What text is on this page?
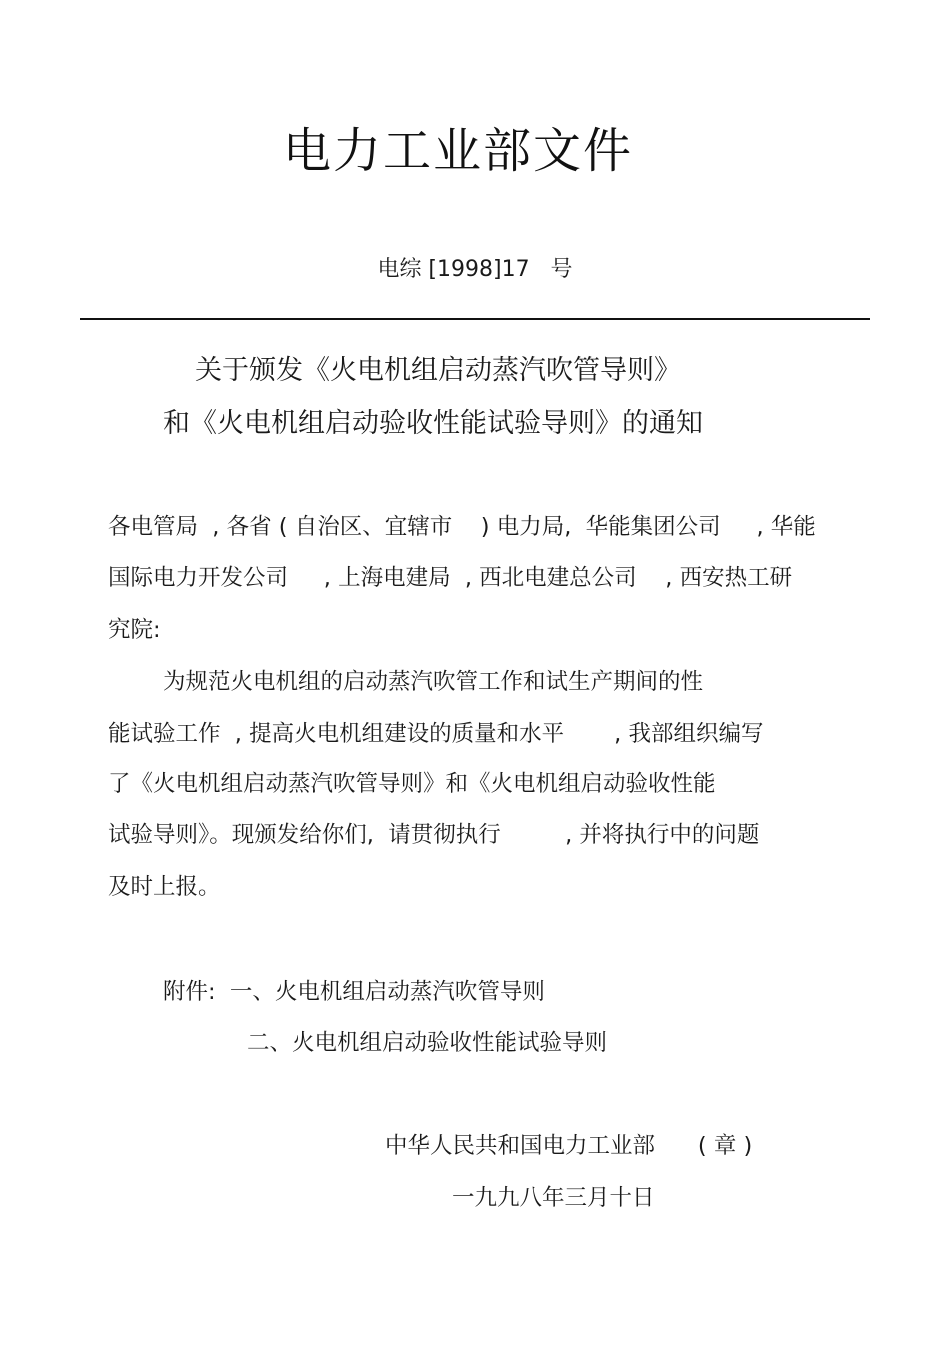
电力工业部文件
电综 [1998]17   号
关于颁发《火电机组启动蒸汽吹管导则》
和《火电机组启动验收性能试验导则》的通知
各电管局  , 各省 ( 自治区、宜辖市    ) 电力局,  华能集团公司     , 华能
国际电力开发公司     , 上海电建局  , 西北电建总公司    , 西安热工研
究院:
为规范火电机组的启动蒸汽吹管工作和试生产期间的性
能试验工作  , 提高火电机组建设的质量和水平       , 我部组织编写
了《火电机组启动蒸汽吹管导则》和《火电机组启动验收性能
试验导则》。现颁发给你们,  请贯彻执行         , 并将执行中的问题
及时上报。
附件:  一、火电机组启动蒸汽吹管导则
二、火电机组启动验收性能试验导则
中华人民共和国电力工业部      ( 章 )
一九九八年三月十日
